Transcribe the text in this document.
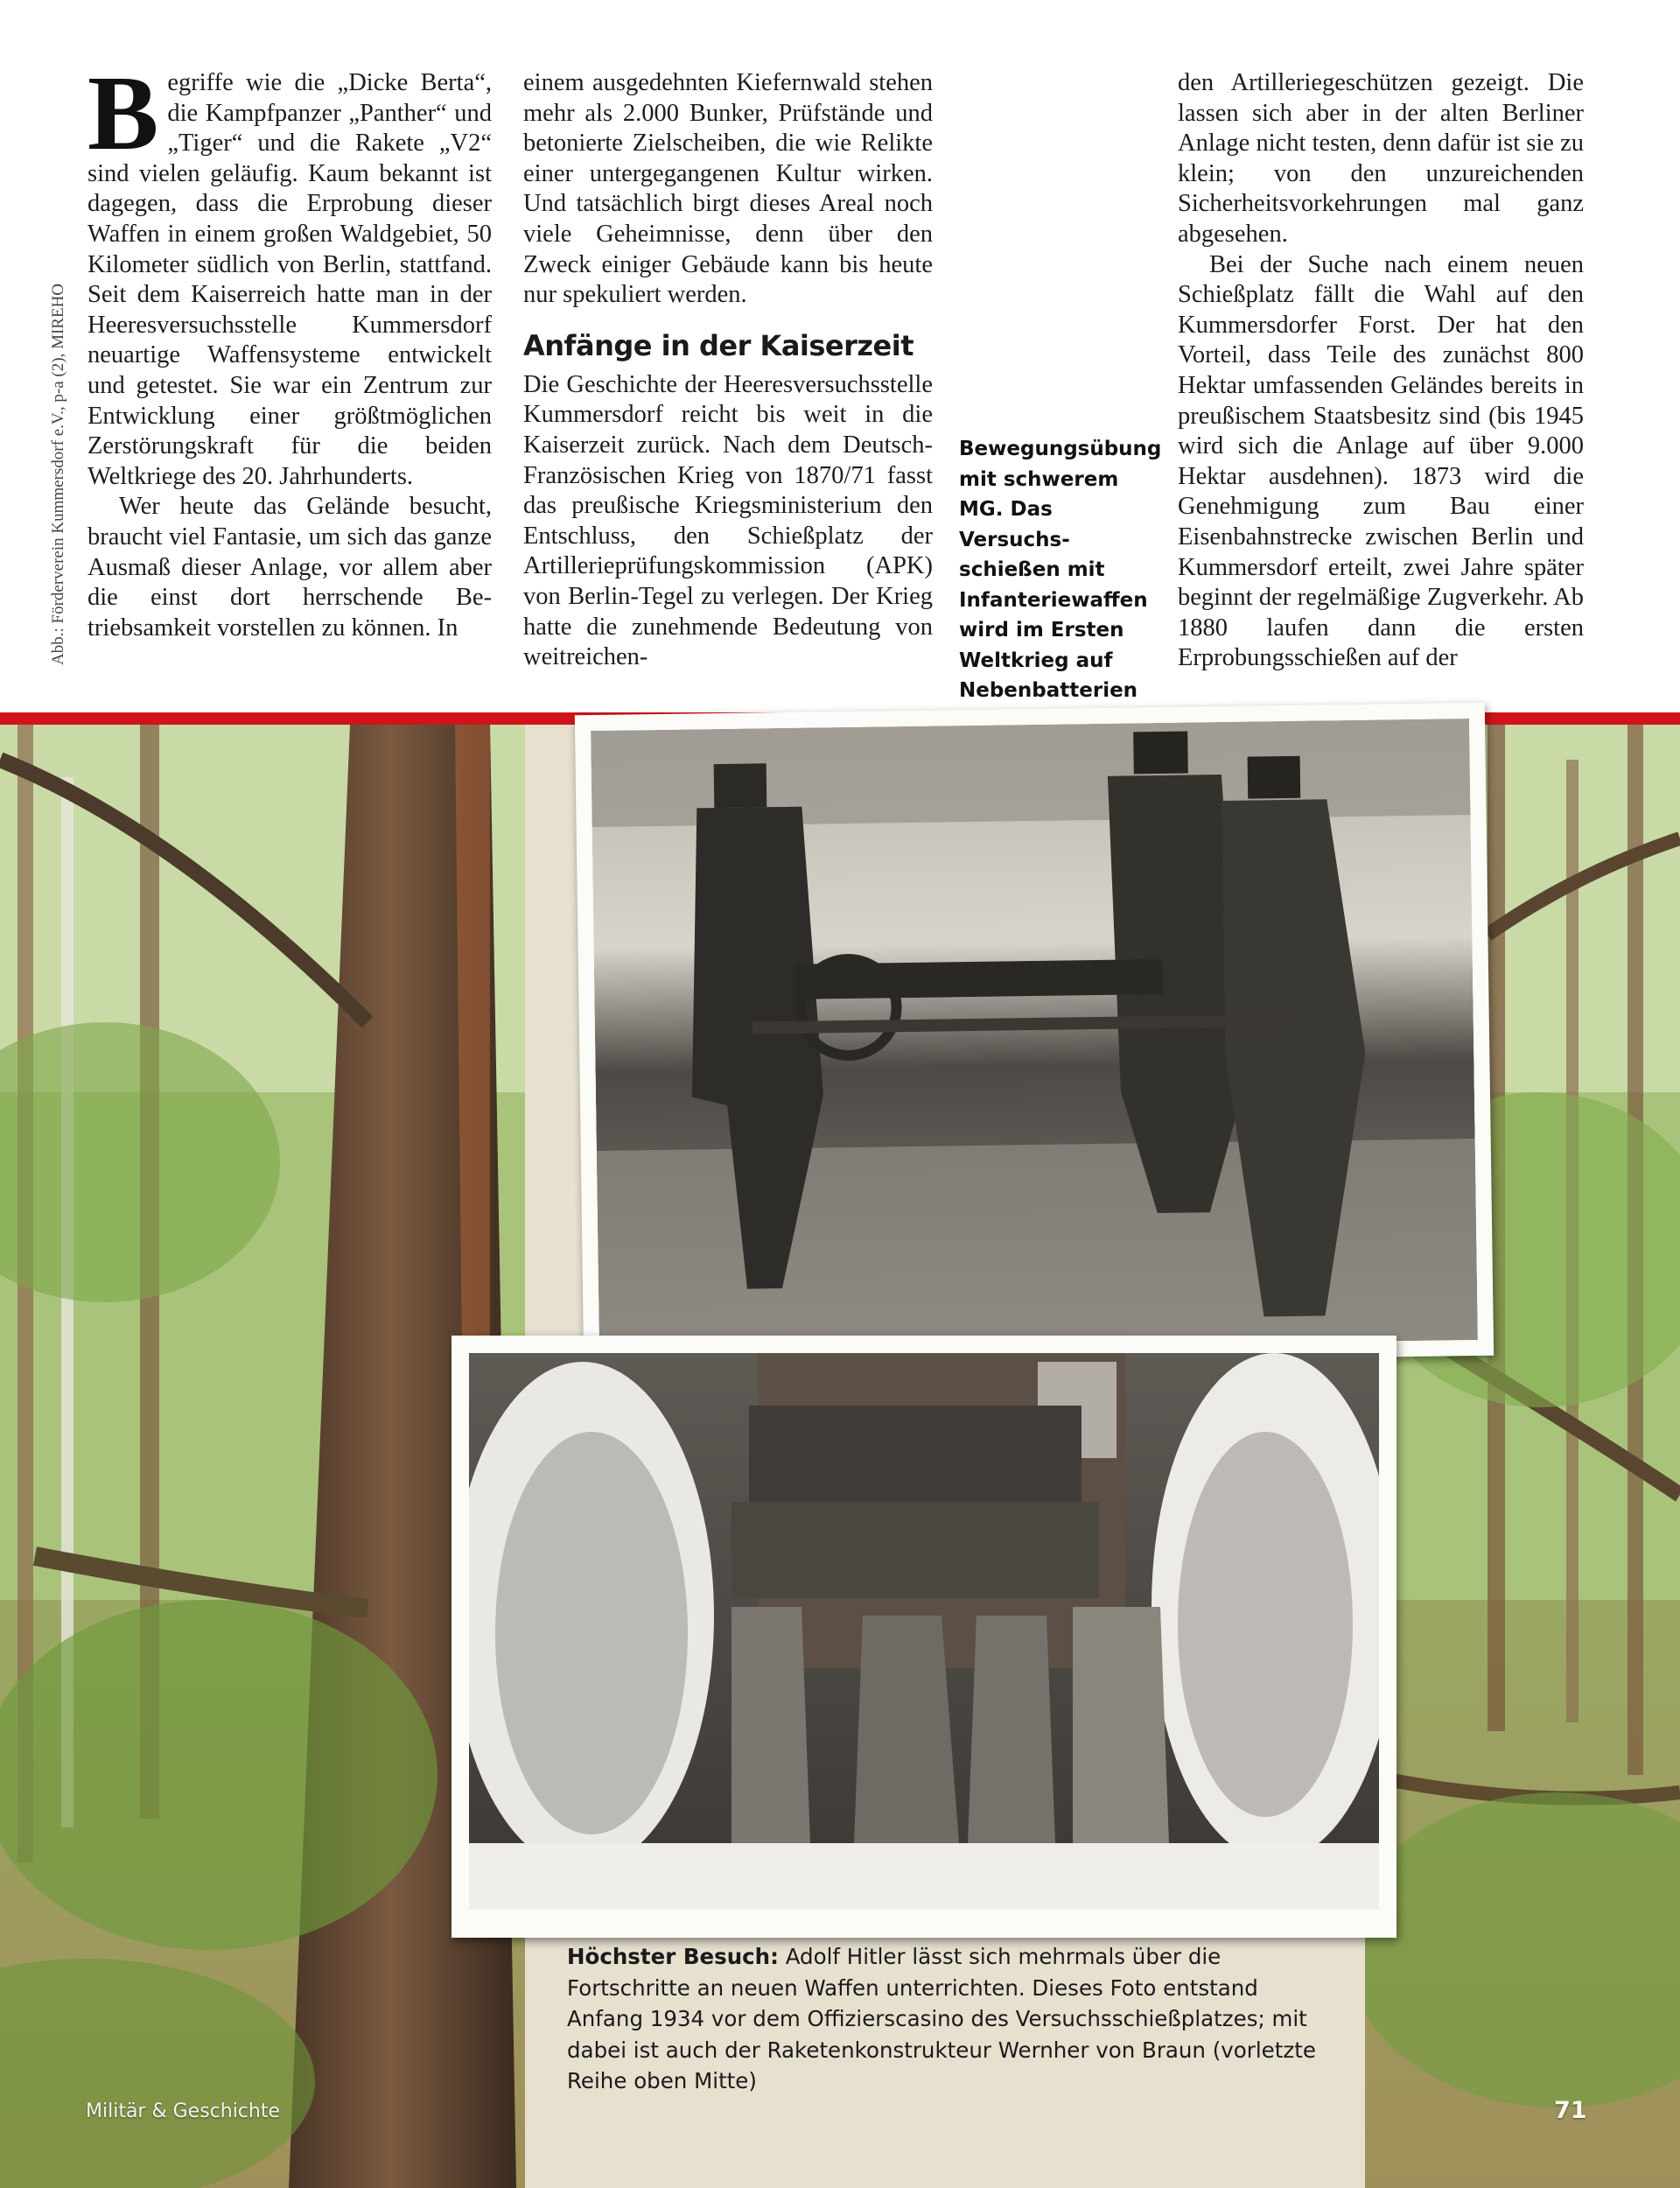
Abb.: Förderverein Kummersdorf e.V., p-a (2), MIREHO
B egriffe wie die „Dicke Berta“, die Kampfpanzer „Panther“ und „Tiger“ und die Rakete „V2“ sind vielen geläufig. Kaum bekannt ist dagegen, dass die Erprobung dieser Waffen in einem großen Waldgebiet, 50 Kilometer südlich von Berlin, stattfand. Seit dem Kaiserreich hatte man in der Heeresversuchsstelle Kummersdorf neuartige Waffensysteme entwickelt und getestet. Sie war ein Zentrum zur Entwicklung einer größtmöglichen Zerstörungskraft für die beiden Weltkriege des 20. Jahrhunderts.

Wer heute das Gelände besucht, braucht viel Fantasie, um sich das ganze Ausmaß dieser Anlage, vor allem aber die einst dort herrschende Betriebsamkeit vorstellen zu können. In

einem ausgedehnten Kiefernwald stehen mehr als 2.000 Bunker, Prüfstände und betonierte Zielscheiben, die wie Relikte einer untergegangenen Kultur wirken. Und tatsächlich birgt dieses Areal noch viele Geheimnisse, denn über den Zweck einiger Gebäude kann bis heute nur spekuliert werden.

Anfänge in der Kaiserzeit

Die Geschichte der Heeresversuchsstelle Kummersdorf reicht bis weit in die Kaiserzeit zurück. Nach dem Deutsch-Französischen Krieg von 1870/71 fasst das preußische Kriegsministerium den Entschluss, den Schießplatz der Artillerieprüfungskommission (APK) von Berlin-Tegel zu verlegen. Der Krieg hatte die zunehmende Bedeutung von weitreichen-

den Artilleriegeschützen gezeigt. Die lassen sich aber in der alten Berliner Anlage nicht testen, denn dafür ist sie zu klein; von den unzureichenden Sicherheitsvorkehrungen mal ganz abgesehen.

Bei der Suche nach einem neuen Schießplatz fällt die Wahl auf den Kummersdorfer Forst. Der hat den Vorteil, dass Teile des zunächst 800 Hektar umfassenden Geländes bereits in preußischem Staatsbesitz sind (bis 1945 wird sich die Anlage auf über 9.000 Hektar ausdehnen). 1873 wird die Genehmigung zum Bau einer Eisenbahnstrecke zwischen Berlin und Kummersdorf erteilt, zwei Jahre später beginnt der regelmäßige Zugverkehr. Ab 1880 laufen dann die ersten Erprobungsschießen auf der

Bewegungsübung mit schwerem MG. Das Versuchsschießen mit Infanteriewaffen wird im Ersten Weltkrieg auf Nebenbatterien
Höchster Besuch: Adolf Hitler lässt sich mehrmals über die Fortschritte an neuen Waffen unterrichten. Dieses Foto entstand Anfang 1934 vor dem Offizierscasino des Versuchsschießplatzes; mit dabei ist auch der Raketenkonstrukteur Wernher von Braun (vorletzte Reihe oben Mitte)
Militär & Geschichte	71
